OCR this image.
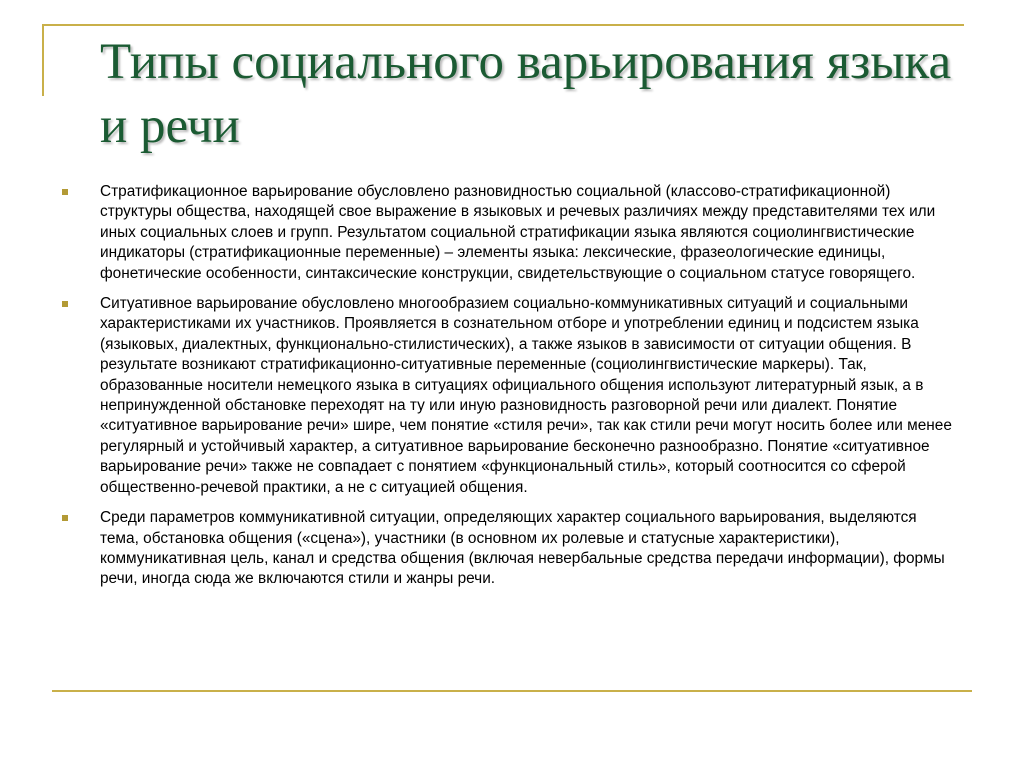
Типы социального варьирования языка и речи
Стратификационное варьирование обусловлено разновидностью социальной (классово-стратификационной) структуры общества, находящей свое выражение в языковых и речевых различиях между представителями тех или иных социальных слоев и групп. Результатом социальной стратификации языка являются социолингвистические индикаторы (стратификационные переменные) – элементы языка: лексические, фразеологические единицы, фонетические особенности, синтаксические конструкции, свидетельствующие о социальном статусе говорящего.
Ситуативное варьирование обусловлено многообразием социально-коммуникативных ситуаций и социальными характеристиками их участников. Проявляется в сознательном отборе и употреблении единиц и подсистем языка (языковых, диалектных, функционально-стилистических), а также языков в зависимости от ситуации общения. В результате возникают стратификационно-ситуативные переменные (социолингвистические маркеры). Так, образованные носители немецкого языка в ситуациях официального общения используют литературный язык, а в непринужденной обстановке переходят на ту или иную разновидность разговорной речи или диалект. Понятие «ситуативное варьирование речи» шире, чем понятие «стиля речи», так как стили речи могут носить более или менее регулярный и устойчивый характер, а ситуативное варьирование бесконечно разнообразно. Понятие «ситуативное варьирование речи» также не совпадает с понятием «функциональный стиль», который соотносится со сферой общественно-речевой практики, а не с ситуацией общения.
Среди параметров коммуникативной ситуации, определяющих характер социального варьирования, выделяются тема, обстановка общения («сцена»), участники (в основном их ролевые и статусные характеристики), коммуникативная цель, канал и средства общения (включая невербальные средства передачи информации), формы речи, иногда сюда же включаются стили и жанры речи.
